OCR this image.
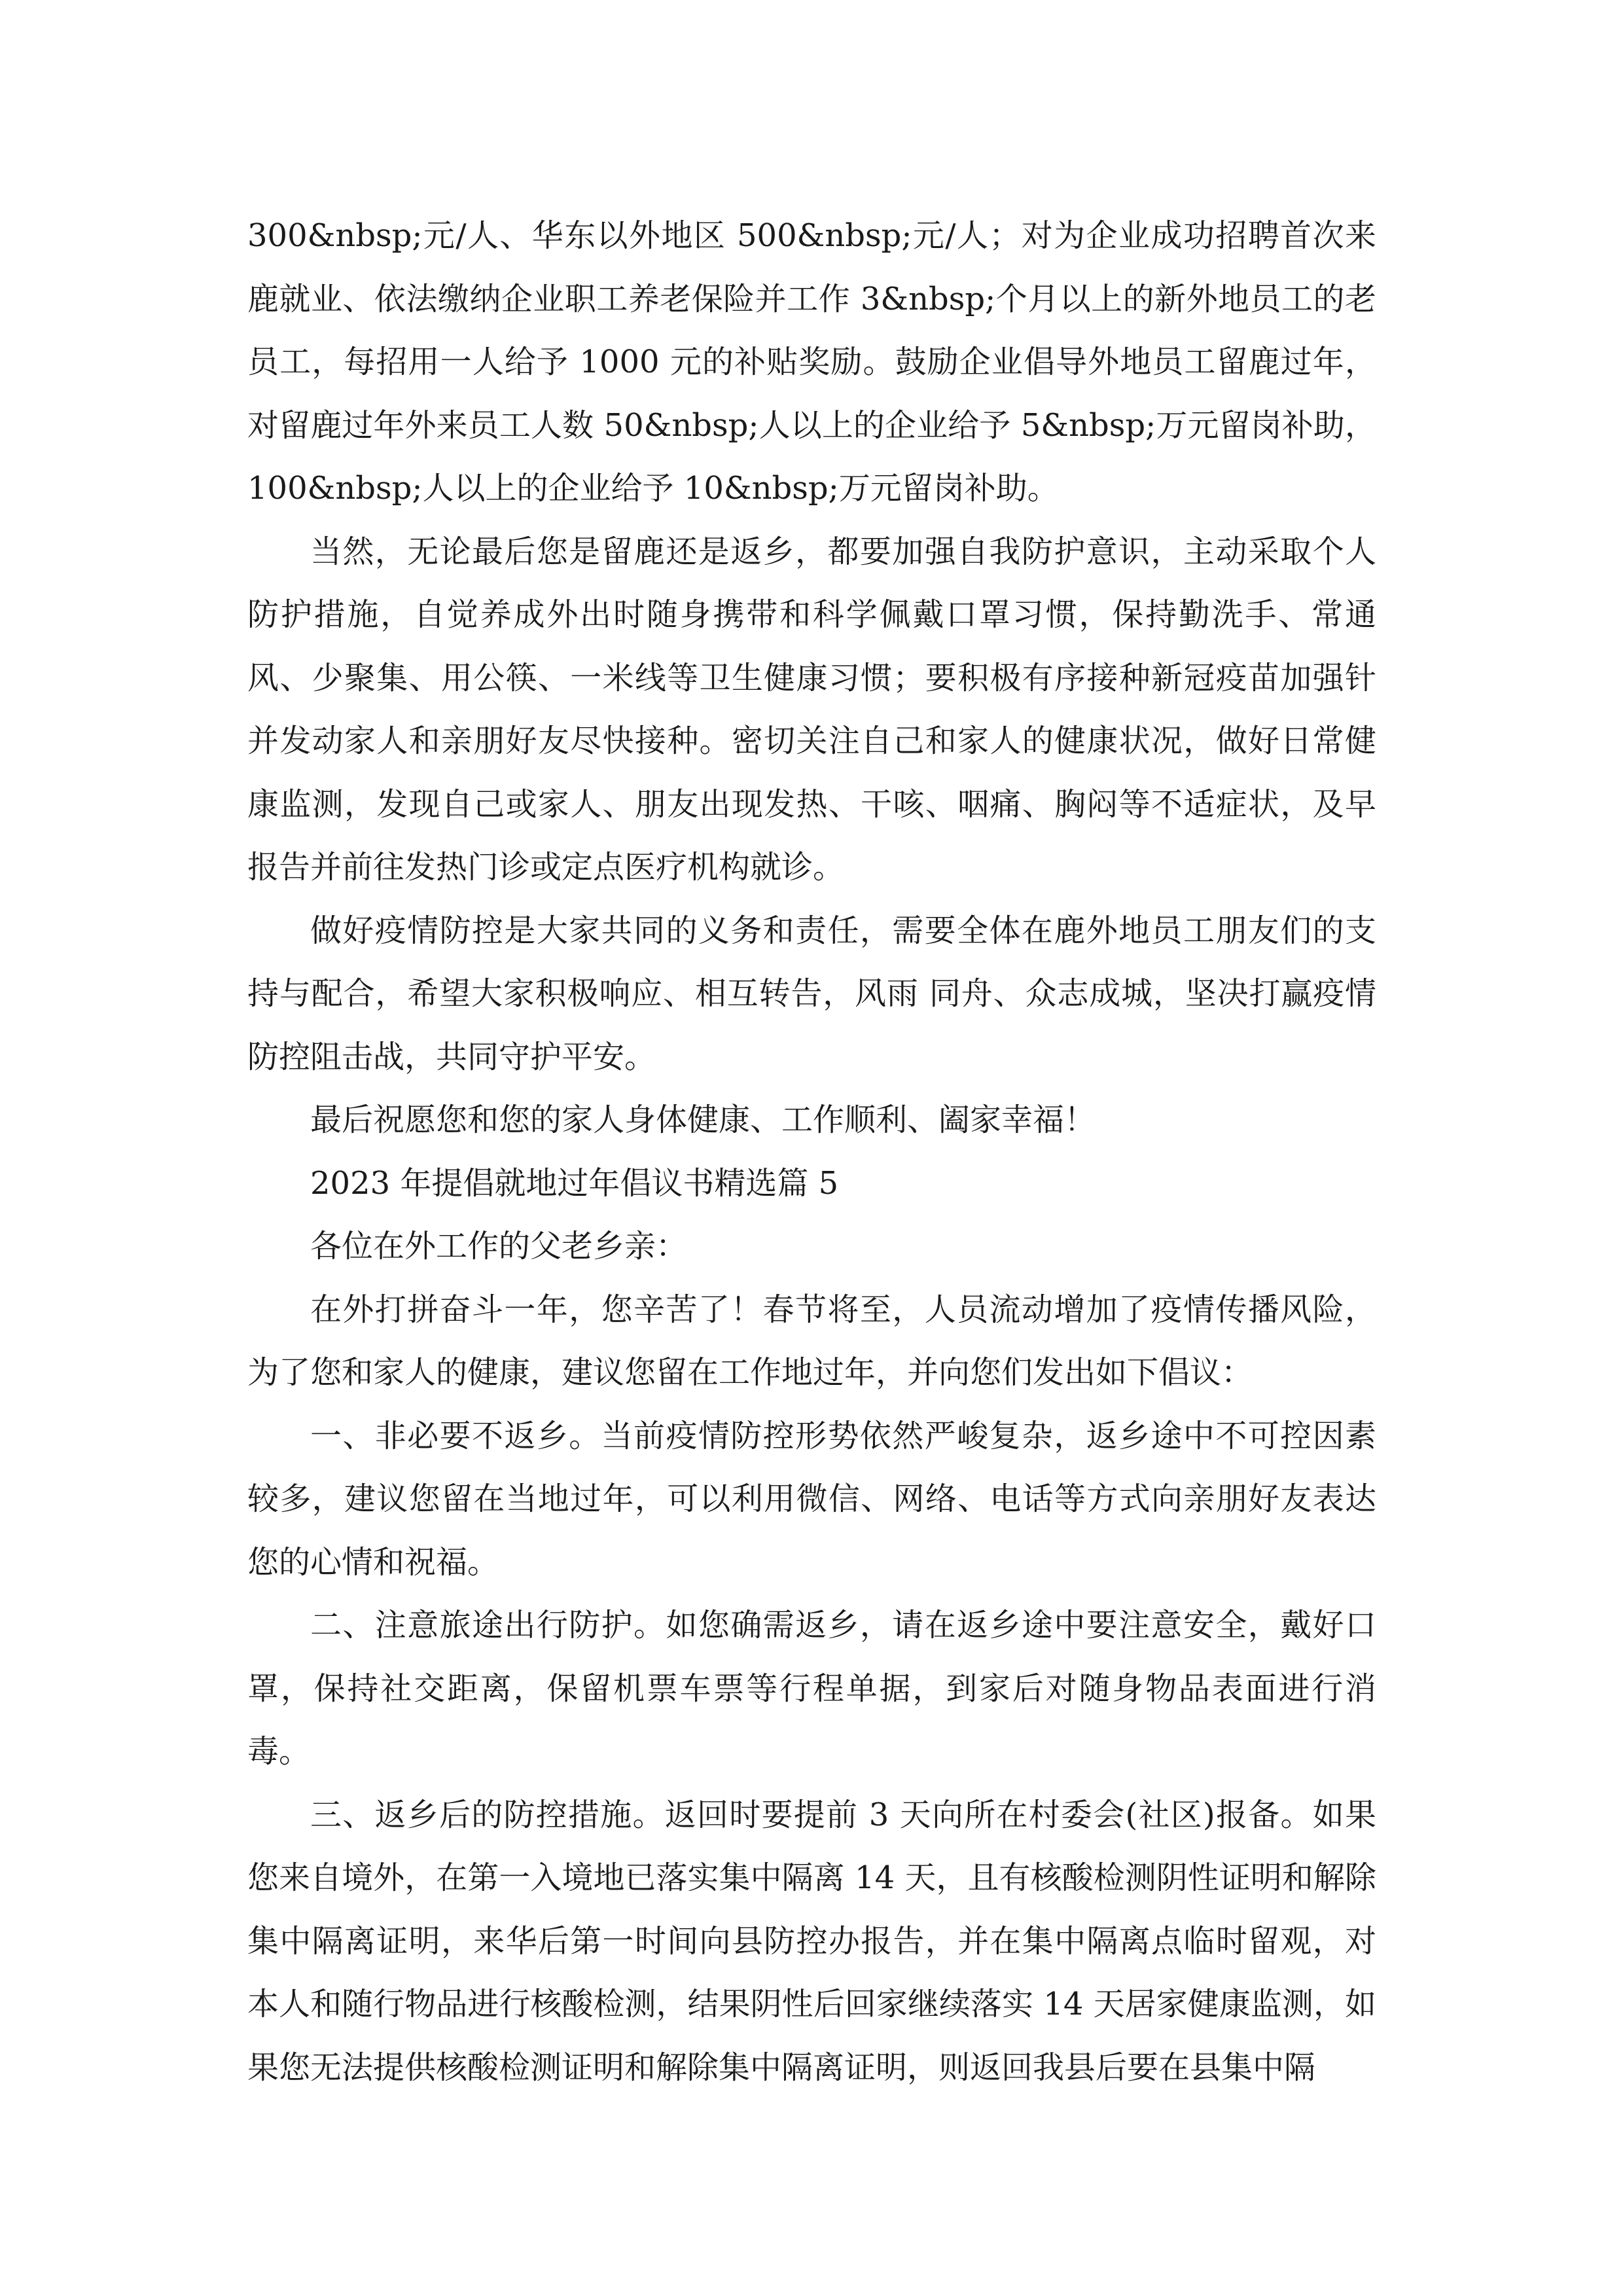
300&nbsp;元/人、华东以外地区 500&nbsp;元/人；对为企业成功招聘首次来鹿就业、依法缴纳企业职工养老保险并工作 3&nbsp;个月以上的新外地员工的老员工，每招用一人给予 1000 元的补贴奖励。鼓励企业倡导外地员工留鹿过年，对留鹿过年外来员工人数 50&nbsp;人以上的企业给予 5&nbsp;万元留岗补助，100&nbsp;人以上的企业给予 10&nbsp;万元留岗补助。

当然，无论最后您是留鹿还是返乡，都要加强自我防护意识，主动采取个人防护措施，自觉养成外出时随身携带和科学佩戴口罩习惯，保持勤洗手、常通风、少聚集、用公筷、一米线等卫生健康习惯；要积极有序接种新冠疫苗加强针并发动家人和亲朋好友尽快接种。密切关注自己和家人的健康状况，做好日常健康监测，发现自己或家人、朋友出现发热、干咳、咽痛、胸闷等不适症状，及早报告并前往发热门诊或定点医疗机构就诊。

做好疫情防控是大家共同的义务和责任，需要全体在鹿外地员工朋友们的支持与配合，希望大家积极响应、相互转告，风雨 同舟、众志成城，坚决打赢疫情防控阻击战，共同守护平安。

最后祝愿您和您的家人身体健康、工作顺利、阖家幸福！

2023 年提倡就地过年倡议书精选篇 5

各位在外工作的父老乡亲：

在外打拼奋斗一年，您辛苦了！春节将至，人员流动增加了疫情传播风险，为了您和家人的健康，建议您留在工作地过年，并向您们发出如下倡议：

一、非必要不返乡。当前疫情防控形势依然严峻复杂，返乡途中不可控因素较多，建议您留在当地过年，可以利用微信、网络、电话等方式向亲朋好友表达您的心情和祝福。

二、注意旅途出行防护。如您确需返乡，请在返乡途中要注意安全，戴好口罩，保持社交距离，保留机票车票等行程单据，到家后对随身物品表面进行消毒。

三、返乡后的防控措施。返回时要提前 3 天向所在村委会(社区)报备。如果您来自境外，在第一入境地已落实集中隔离 14 天，且有核酸检测阴性证明和解除集中隔离证明，来华后第一时间向县防控办报告，并在集中隔离点临时留观，对本人和随行物品进行核酸检测，结果阴性后回家继续落实 14 天居家健康监测，如果您无法提供核酸检测证明和解除集中隔离证明，则返回我县后要在县集中隔
